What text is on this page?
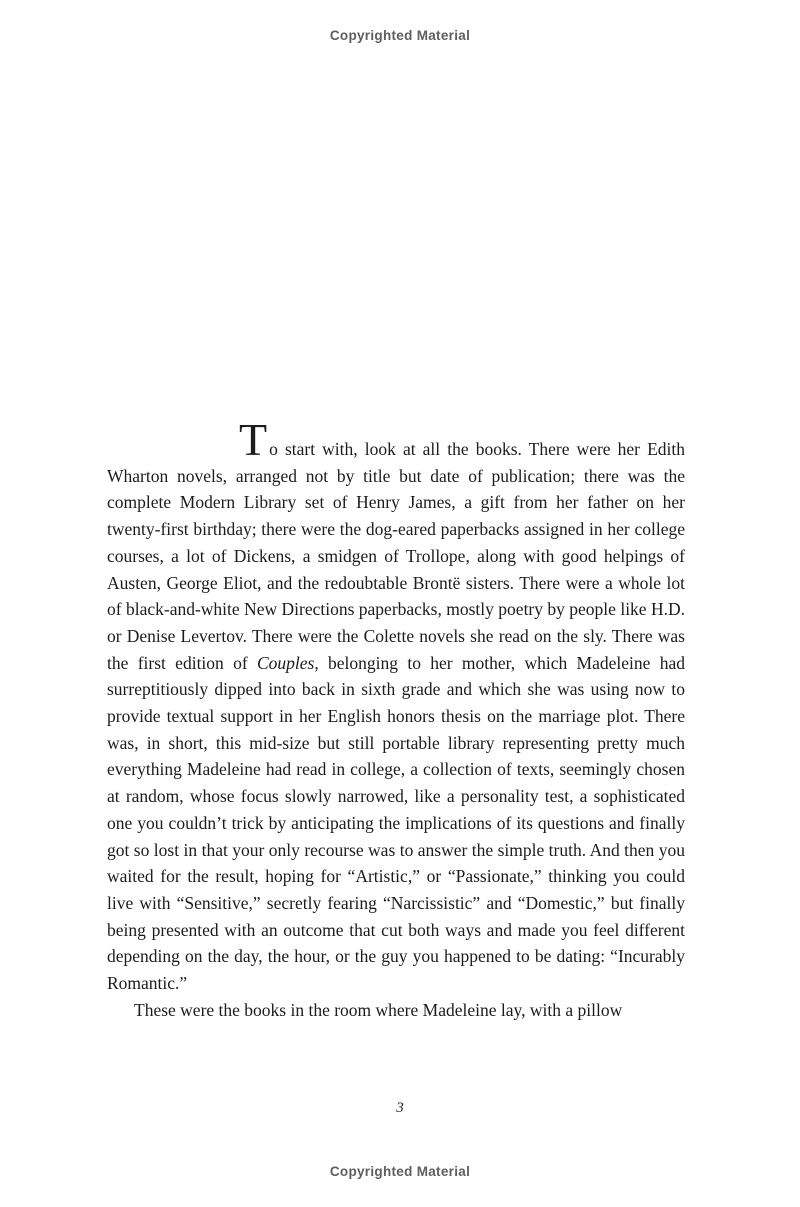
Copyrighted Material

To start with, look at all the books. There were her Edith Wharton novels, arranged not by title but date of publication; there was the complete Modern Library set of Henry James, a gift from her father on her twenty-first birthday; there were the dog-eared paperbacks assigned in her college courses, a lot of Dickens, a smidgen of Trollope, along with good helpings of Austen, George Eliot, and the redoubtable Brontë sisters. There were a whole lot of black-and-white New Directions paperbacks, mostly poetry by people like H.D. or Denise Levertov. There were the Colette novels she read on the sly. There was the first edition of Couples, belonging to her mother, which Madeleine had surreptitiously dipped into back in sixth grade and which she was using now to provide textual support in her English honors thesis on the marriage plot. There was, in short, this mid-size but still portable library representing pretty much everything Madeleine had read in college, a collection of texts, seemingly chosen at random, whose focus slowly narrowed, like a personality test, a sophisticated one you couldn’t trick by anticipating the implications of its questions and finally got so lost in that your only recourse was to answer the simple truth. And then you waited for the result, hoping for “Artistic,” or “Passionate,” thinking you could live with “Sensitive,” secretly fearing “Narcissistic” and “Domestic,” but finally being presented with an outcome that cut both ways and made you feel different depending on the day, the hour, or the guy you happened to be dating: “Incurably Romantic.”

These were the books in the room where Madeleine lay, with a pillow

3
Copyrighted Material
